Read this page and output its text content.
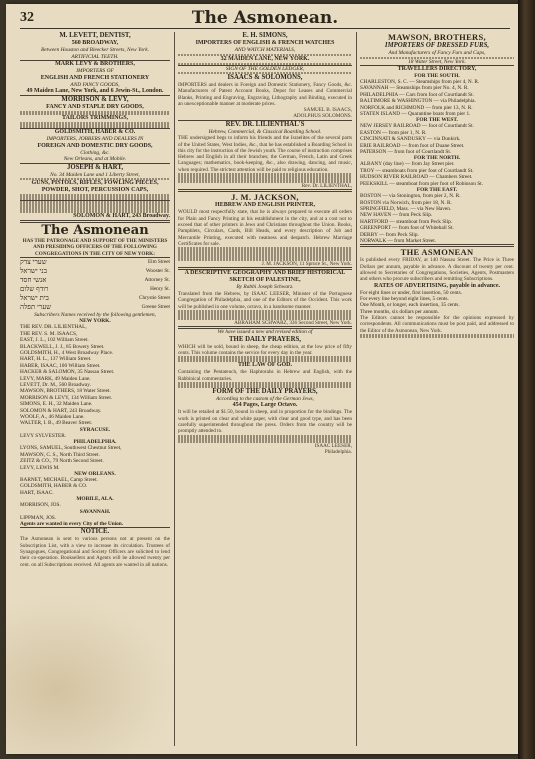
32	The Asmonean.
M. LEVETT, DENTIST,
560 BROADWAY,
Between Houston and Bleecker Streets, New York.
ARTIFICIAL TEETH.
MARK LEVY & BROTHERS,
IMPORTERS OF
ENGLISH AND FRENCH STATIONERY
AND FANCY GOODS,
49 Maiden Lane, New York, and 6 Jewin-St., London.
MORRISON & LEVY,
FANCY AND STAPLE DRY GOODS,
TAILORS TRIMMINGS,
GOLDSMITH, HABER & CO.
IMPORTERS, JOBBERS AND DEALERS IN
FOREIGN AND DOMESTIC DRY GOODS,
Clothing, &c.
New Orleans, and at Mobile.
JOSEPH & HART,
No. 34 Maiden Lane and 1 Liberty Street,
GUNS, PISTOLS, RIFLES, FOWLING PIECES,
POWDER, SHOT, PERCUSSION CAPS,
SOLOMON & HART, 243 Broadway.
The Asmonean
HAS THE PATRONAGE AND SUPPORT OF THE MINISTERS AND PRESIDING OFFICERS OF THE FOLLOWING CONGREGATIONS IN THE CITY OF NEW YORK:
שערי צדק	Elm Street
בני ישראל	Wooster St.
אנשי חסד	Attorney St.
רודף שלום	Henry St.
בית ישראל	Chrystie Street
שערי תפלה	Greene Street
Subscribers Names received by the following gentlemen,
NEW YORK.
THE REV. DR. LILIENTHAL,
THE REV. S. M. ISAACS,
EAST, J. L., 102 William Street.
BLACKWELL, J. J., 85 Bowery Street.
GOLDSMITH, H., 4 West Broadway Place.
HART, H. L., 137 William Street.
HABER, ISAAC, 100 William Street.
HACKER & SALOMON, 35 Nassau Street.
LEVY, MARK, 49 Maiden Lane.
LEVETT, Dr. M., 560 Broadway.
MAWSON, BROTHERS, 18 Water Street.
MORRISON & LEVY, 134 William Street.
SIMONS, E. H., 32 Maiden Lane.
SOLOMON & HART, 243 Broadway.
WOOLF, A., 46 Maiden Lane.
WALTER, I. B., 49 Beaver Street.
SYRACUSE.
LEVY SYLVESTER.
PHILADELPHIA.
LYONS, SAMUEL, Southwest Chestnut Street,
MAWSON, C. S., North Third Street.
ZEITZ & CO., 79 North Second Street.
LEVY, LEWIS M.
NEW ORLEANS.
BARNET, MICHAEL, Camp Street.
GOLDSMITH, HABER & CO.
HART, ISAAC.
MOBILE, ALA.
MORRISON, JOS.
SAVANNAH.
LIPPMAN, JOS.
Agents are wanted in every City of the Union.
NOTICE.
The Asmonean is sent to various persons not at present on the Subscription List, with a view to increase its circulation. Trustees of Synagogues, Congregational and Society Officers are solicited to lend their co-operation. Booksellers and Agents will be allowed twenty per cent. on all Subscriptions received. All agents are wanted in all nations.
E. H. SIMONS,
IMPORTERS OF ENGLISH & FRENCH WATCHES
AND WATCH MATERIALS,
32 MAIDEN LANE, NEW YORK.
SIGN OF THE GOLDEN LEDGER,
ISAACS & SOLOMONS,
IMPORTERS and dealers in Foreign and Domestic Stationery, Fancy Goods, &c. Manufacturers of Patent Account Books, Depot for Leases and Commercial Blanks, Printing and Engraving, Engraving, Lithography and Binding, executed in an unexceptionable manner at moderate prices.
SAMUEL B. ISAACS,
ADOLPHUS SOLOMONS.
REV. DR. LILIENTHAL'S
Hebrew, Commercial, & Classical Boarding School.
THE undersigned begs to inform his friends and the Israelites of the several parts of the United States, West Indies, &c., that he has established a Boarding School in this city for the instruction of the Jewish youth. The course of instruction comprises Hebrew and English in all their branches; the German, French, Latin and Greek Languages; mathematics, book-keeping, &c., also drawing, dancing, and music, when required. The strictest attention will be paid to religious education.
Rev. Dr. LILIENTHAL,
J. M. JACKSON,
HEBREW AND ENGLISH PRINTER,
WOULD most respectfully state, that he is always prepared to execute all orders for Plain and Fancy Printing at his establishment in the city, and at a cost not to exceed that of other printers in Jews and Christians throughout the Union. Books, Pamphlets, Circulars, Cards, Bill Heads, and every description of Job and Mercantile Printing, executed with neatness and despatch. Hebrew Marriage Certificates for sale.
J. M. JACKSON, 11 Spruce St., New York.
A DESCRIPTIVE GEOGRAPHY AND BRIEF HISTORICAL SKETCH OF PALESTINE,
By Rabbi Joseph Schwarz.
Translated from the Hebrew, by ISAAC LEESER, Minister of the Portuguese Congregation of Philadelphia, and one of the Editors of the Occident. This work will be published in one volume, octavo, in a handsome manner.
ABRAHAM SCHWARZ, 336 Second Street, New York.
We have issued a new and revised edition of
THE DAILY PRAYERS,
WHICH will be sold, bound in sheep, the cheap edition, at the low price of fifty cents. This volume contains the service for every day in the year.
THE LAW OF GOD.
Containing the Pentateuch, the Haphtorahs in Hebrew and English, with the Rabbinical commentaries.
FORM OF THE DAILY PRAYERS,
According to the custom of the German Jews,
454 Pages, Large Octavo.
It will be retailed at $1.50, bound in sheep, and in proportion for the bindings. The work is printed on clear and white paper, with clear and good type, and has been carefully superintended throughout the press. Orders from the country will be promptly attended to.
ISAAC LEESER,
Philadelphia.
MAWSON, BROTHERS,
IMPORTERS OF DRESSED FURS,
And Manufacturers of Fancy Furs and Caps,
18 Water Street, New York.
TRAVELLERS DIRECTORY,
FOR THE SOUTH.
CHARLESTON, S. C. — Steamships from pier 4, N. R.
SAVANNAH — Steamships from pier No. 4, N. R.
PHILADELPHIA — Cars from foot of Courtlandt St.
BALTIMORE & WASHINGTON — via Philadelphia.
NORFOLK and RICHMOND — from pier 13, N. R.
STATEN ISLAND — Quarantine boats from pier 1.
FOR THE WEST.
NEW JERSEY RAILROAD — foot of Courtlandt St.
EASTON — from pier 1, N. R.
CINCINNATI & SANDUSKY — via Dunkirk.
ERIE RAILROAD — from foot of Duane Street.
PATERSON — from foot of Courtlandt St.
FOR THE NORTH.
ALBANY (day line) — from Jay Street pier.
TROY — steamboats from pier foot of Courtlandt St.
HUDSON RIVER RAILROAD — Chambers Street.
PEEKSKILL — steamboat from pier foot of Robinson St.
FOR THE EAST.
BOSTON — via Stonington, from pier 2, N. R.
BOSTON via Norwich, from pier 18, N. R.
SPRINGFIELD, Mass. — via New Haven.
NEW HAVEN — from Peck Slip.
HARTFORD — steamboat from Peck Slip.
GREENPORT — from foot of Whitehall St.
DERBY — from Peck Slip.
NORWALK — from Market Street.
THE ASMONEAN
Is published every FRIDAY, at 140 Nassau Street. The Price is Three Dollars per annum, payable in advance. A discount of twenty per cent. allowed to Secretaries of Congregations, Societies, Agents, Postmasters and others who procure subscribers and remitting Subscriptions.
RATES OF ADVERTISING, payable in advance.
For eight lines or under, first insertion, 50 cents.
For every line beyond eight lines, 5 cents.
One Month, or longer, each insertion, 35 cents.
Three months, six dollars per annum.
The Editors cannot be responsible for the opinions expressed by correspondents. All communications must be post paid, and addressed to the Editor of the Asmonean, New York.
